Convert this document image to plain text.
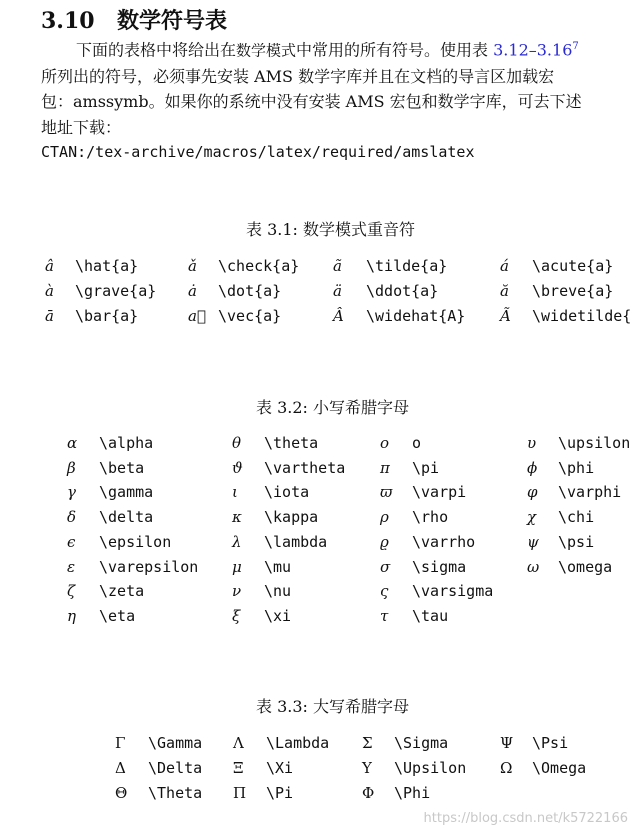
3.10 数学符号表
下面的表格中将给出在数学模式中常用的所有符号。使用表 3.12–3.16$^7$
所列出的符号，必须事先安装 AMS 数学字库并且在文档的导言区加载宏
包：amssymb。如果你的系统中没有安装 AMS 宏包和数学字库，可去下述
地址下载：
CTAN:/tex-archive/macros/latex/required/amslatex
表 3.1: 数学模式重音符
â \hat{a}	ǎ \check{a} ã \tilde{a}	á \acute{a}
à \grave{a} ȧ \dot{a}	ä \ddot{a}	ă \breve{a}
ā \bar{a}	a⃗ \vec{a}	Â \widehat{A} Ã \widetilde{
表 3.2: 小写希腊字母
α \alpha	θ \theta	o o	υ \upsilon
β \beta	ϑ \vartheta π \pi	ϕ \phi
γ \gamma	ι \iota	ϖ \varpi	φ \varphi
δ \delta	κ \kappa	ρ \rho	χ \chi
ϵ \epsilon	λ \lambda	ϱ \varrho	ψ \psi
ε \varepsilon μ \mu	σ \sigma	ω \omega
ζ \zeta	ν \nu	ς \varsigma
η \eta	ξ \xi	τ \tau
表 3.3: 大写希腊字母
Γ \Gamma Λ \Lambda Σ \Sigma	Ψ \Psi
Δ \Delta Ξ \Xi	Υ \Upsilon Ω \Omega
Θ \Theta Π \Pi	Φ \Phi
https://blog.csdn.net/k5722166
